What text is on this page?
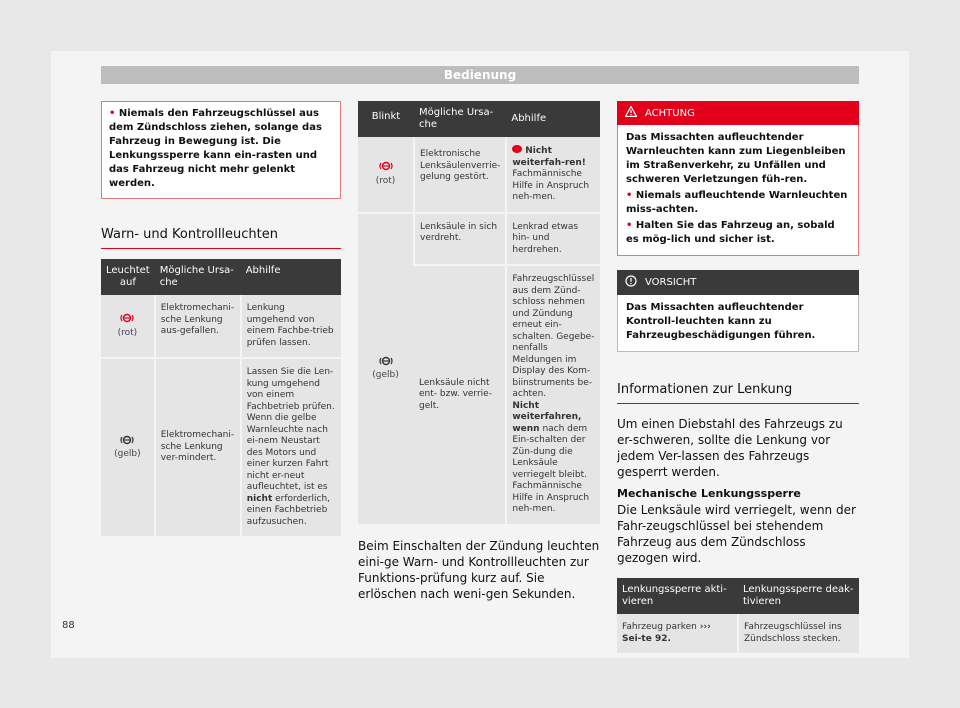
Bedienung
• Niemals den Fahrzeugschlüssel aus dem Zündschloss ziehen, solange das Fahrzeug in Bewegung ist. Die Lenkungssperre kann ein-rasten und das Fahrzeug nicht mehr gelenkt werden.
Warn- und Kontrollleuchten
Leuchtet auf	Mögliche Ursa-che	Abhilfe

(rot)	Elektromechani-sche Lenkung aus-gefallen.	Lenkung umgehend von einem Fachbe-trieb prüfen lassen.

(gelb)	Elektromechani-sche Lenkung ver-mindert.	Lassen Sie die Len-kung umgehend von einem Fachbetrieb prüfen. Wenn die gelbe Warnleuchte nach ei-nem Neustart des Motors und einer kurzen Fahrt nicht er-neut aufleuchtet, ist es nicht erforderlich, einen Fachbetrieb aufzusuchen.
Blinkt	Mögliche Ursa-che	Abhilfe

(rot)	Elektronische Lenksäulenverrie-gelung gestört.	Nicht weiterfah-ren!
Fachmännische Hilfe in Anspruch neh-men.

(gelb)	Lenksäule in sich verdreht.	Lenkrad etwas hin- und herdrehen.
	Lenksäule nicht ent- bzw. verrie-gelt.	Fahrzeugschlüssel aus dem Zünd-schloss nehmen und Zündung erneut ein-schalten. Gegebe-nenfalls Meldungen im Display des Kom-biinstruments be-achten.
Nicht weiterfahren, wenn nach dem Ein-schalten der Zün-dung die Lenksäule verriegelt bleibt. Fachmännische Hilfe in Anspruch neh-men.

Beim Einschalten der Zündung leuchten eini-ge Warn- und Kontrollleuchten zur Funktions-prüfung kurz auf. Sie erlöschen nach weni-gen Sekunden.

ACHTUNG
Das Missachten aufleuchtender Warnleuchten kann zum Liegenbleiben im Straßenverkehr, zu Unfällen und schweren Verletzungen füh-ren.
• Niemals aufleuchtende Warnleuchten miss-achten.
• Halten Sie das Fahrzeug an, sobald es mög-lich und sicher ist.
VORSICHT
Das Missachten aufleuchtender Kontroll-leuchten kann zu Fahrzeugbeschädigungen führen.
Informationen zur Lenkung

Um einen Diebstahl des Fahrzeugs zu er-schweren, sollte die Lenkung vor jedem Ver-lassen des Fahrzeugs gesperrt werden.

Mechanische Lenkungssperre

Die Lenksäule wird verriegelt, wenn der Fahr-zeugschlüssel bei stehendem Fahrzeug aus dem Zündschloss gezogen wird.

Lenkungssperre akti-vieren	Lenkungssperre deak-tivieren
Fahrzeug parken ››› Sei-te 92.	Fahrzeugschlüssel ins Zündschloss stecken.
88
